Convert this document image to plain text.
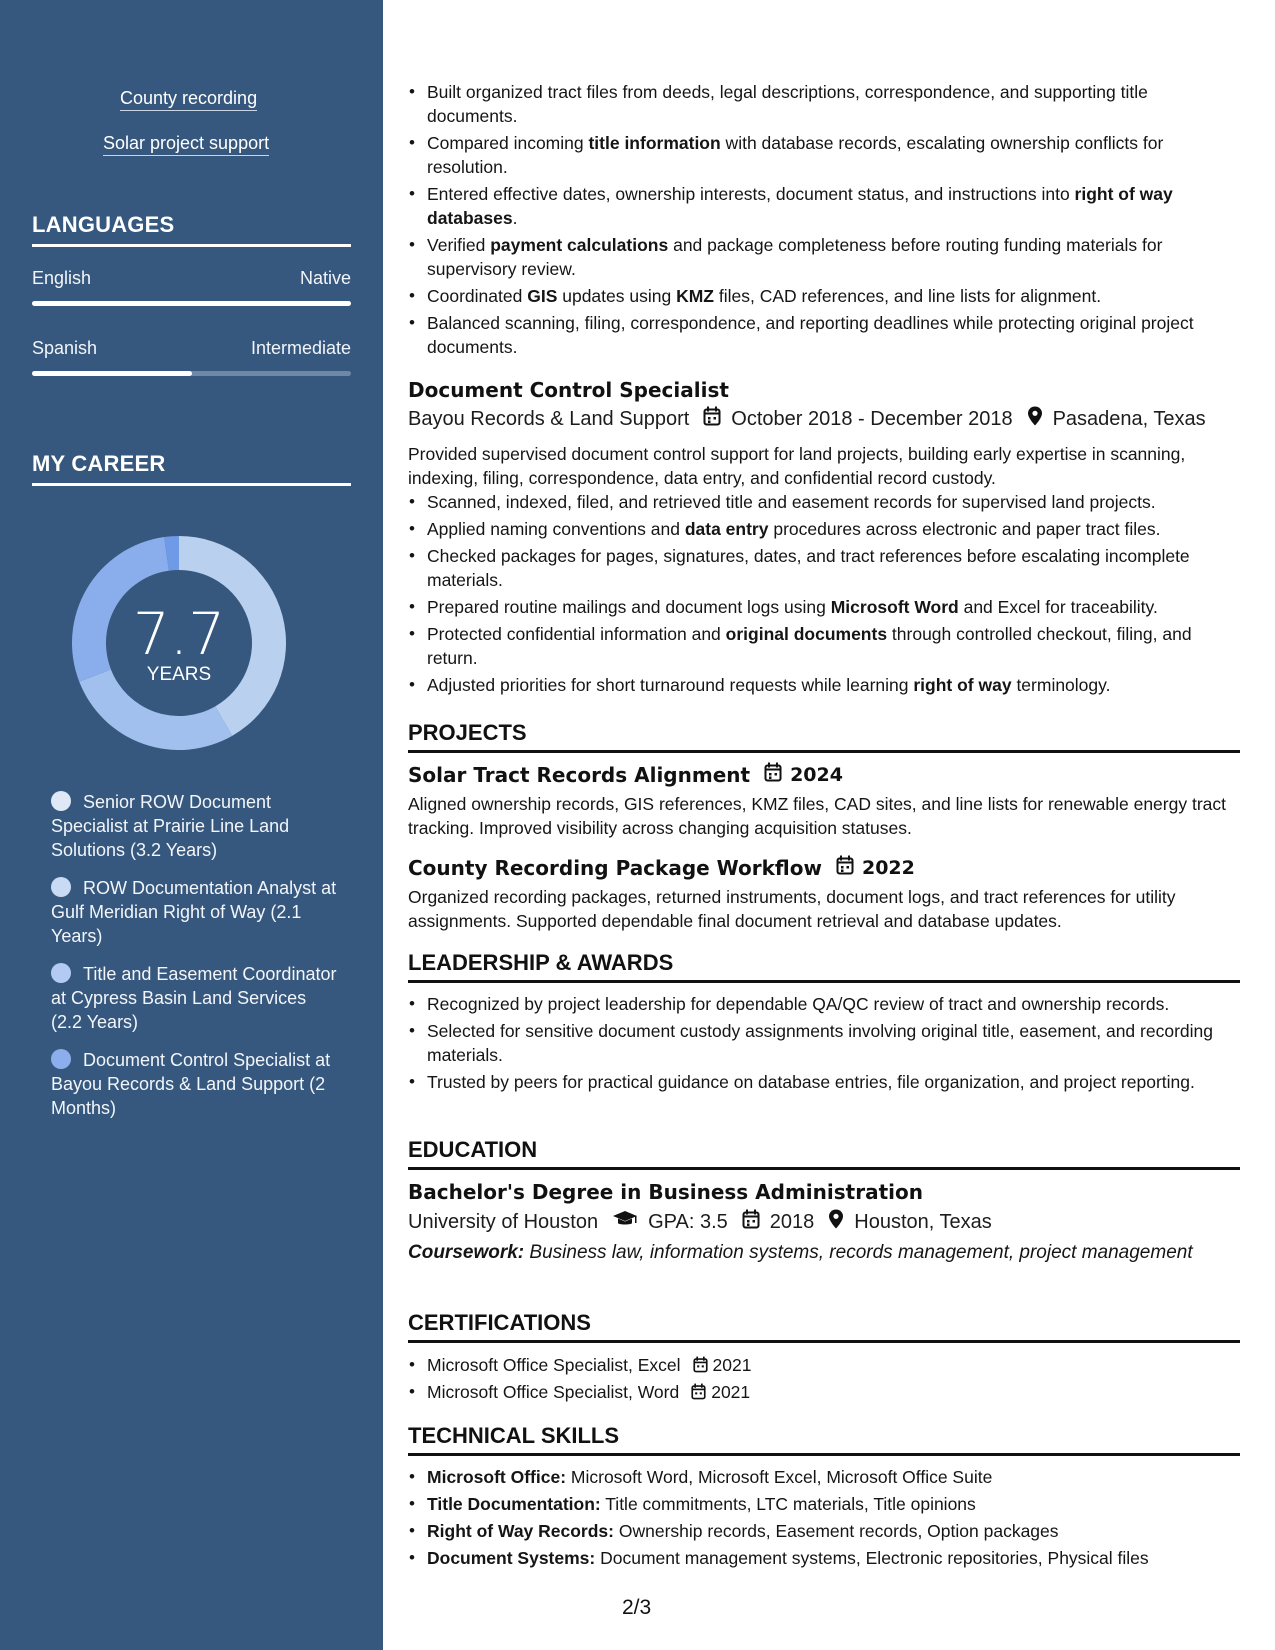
County recording
Solar project support
LANGUAGES
English	Native
Spanish	Intermediate
MY CAREER
7.7
YEARS
Senior ROW Document Specialist at Prairie Line Land Solutions (3.2 Years)
ROW Documentation Analyst at Gulf Meridian Right of Way (2.1 Years)
Title and Easement Coordinator at Cypress Basin Land Services (2.2 Years)
Document Control Specialist at Bayou Records & Land Support (2 Months)
• Built organized tract files from deeds, legal descriptions, correspondence, and supporting title documents.
• Compared incoming title information with database records, escalating ownership conflicts for resolution.
• Entered effective dates, ownership interests, document status, and instructions into right of way databases.
• Verified payment calculations and package completeness before routing funding materials for supervisory review.
• Coordinated GIS updates using KMZ files, CAD references, and line lists for alignment.
• Balanced scanning, filing, correspondence, and reporting deadlines while protecting original project documents.
Document Control Specialist
Bayou Records & Land Support October 2018 - December 2018 Pasadena, Texas
Provided supervised document control support for land projects, building early expertise in scanning, indexing, filing, correspondence, data entry, and confidential record custody.
• Scanned, indexed, filed, and retrieved title and easement records for supervised land projects.
• Applied naming conventions and data entry procedures across electronic and paper tract files.
• Checked packages for pages, signatures, dates, and tract references before escalating incomplete materials.
• Prepared routine mailings and document logs using Microsoft Word and Excel for traceability.
• Protected confidential information and original documents through controlled checkout, filing, and return.
• Adjusted priorities for short turnaround requests while learning right of way terminology.
PROJECTS
Solar Tract Records Alignment 2024
Aligned ownership records, GIS references, KMZ files, CAD sites, and line lists for renewable energy tract tracking. Improved visibility across changing acquisition statuses.
County Recording Package Workflow 2022
Organized recording packages, returned instruments, document logs, and tract references for utility assignments. Supported dependable final document retrieval and database updates.
LEADERSHIP & AWARDS
• Recognized by project leadership for dependable QA/QC review of tract and ownership records.
• Selected for sensitive document custody assignments involving original title, easement, and recording materials.
• Trusted by peers for practical guidance on database entries, file organization, and project reporting.
EDUCATION
Bachelor's Degree in Business Administration
University of Houston	GPA: 3.5 2018 Houston, Texas
Coursework: Business law, information systems, records management, project management
CERTIFICATIONS
• Microsoft Office Specialist, Excel 2021
• Microsoft Office Specialist, Word 2021
TECHNICAL SKILLS
• Microsoft Office: Microsoft Word, Microsoft Excel, Microsoft Office Suite
• Title Documentation: Title commitments, LTC materials, Title opinions
• Right of Way Records: Ownership records, Easement records, Option packages
• Document Systems: Document management systems, Electronic repositories, Physical files
2/3
